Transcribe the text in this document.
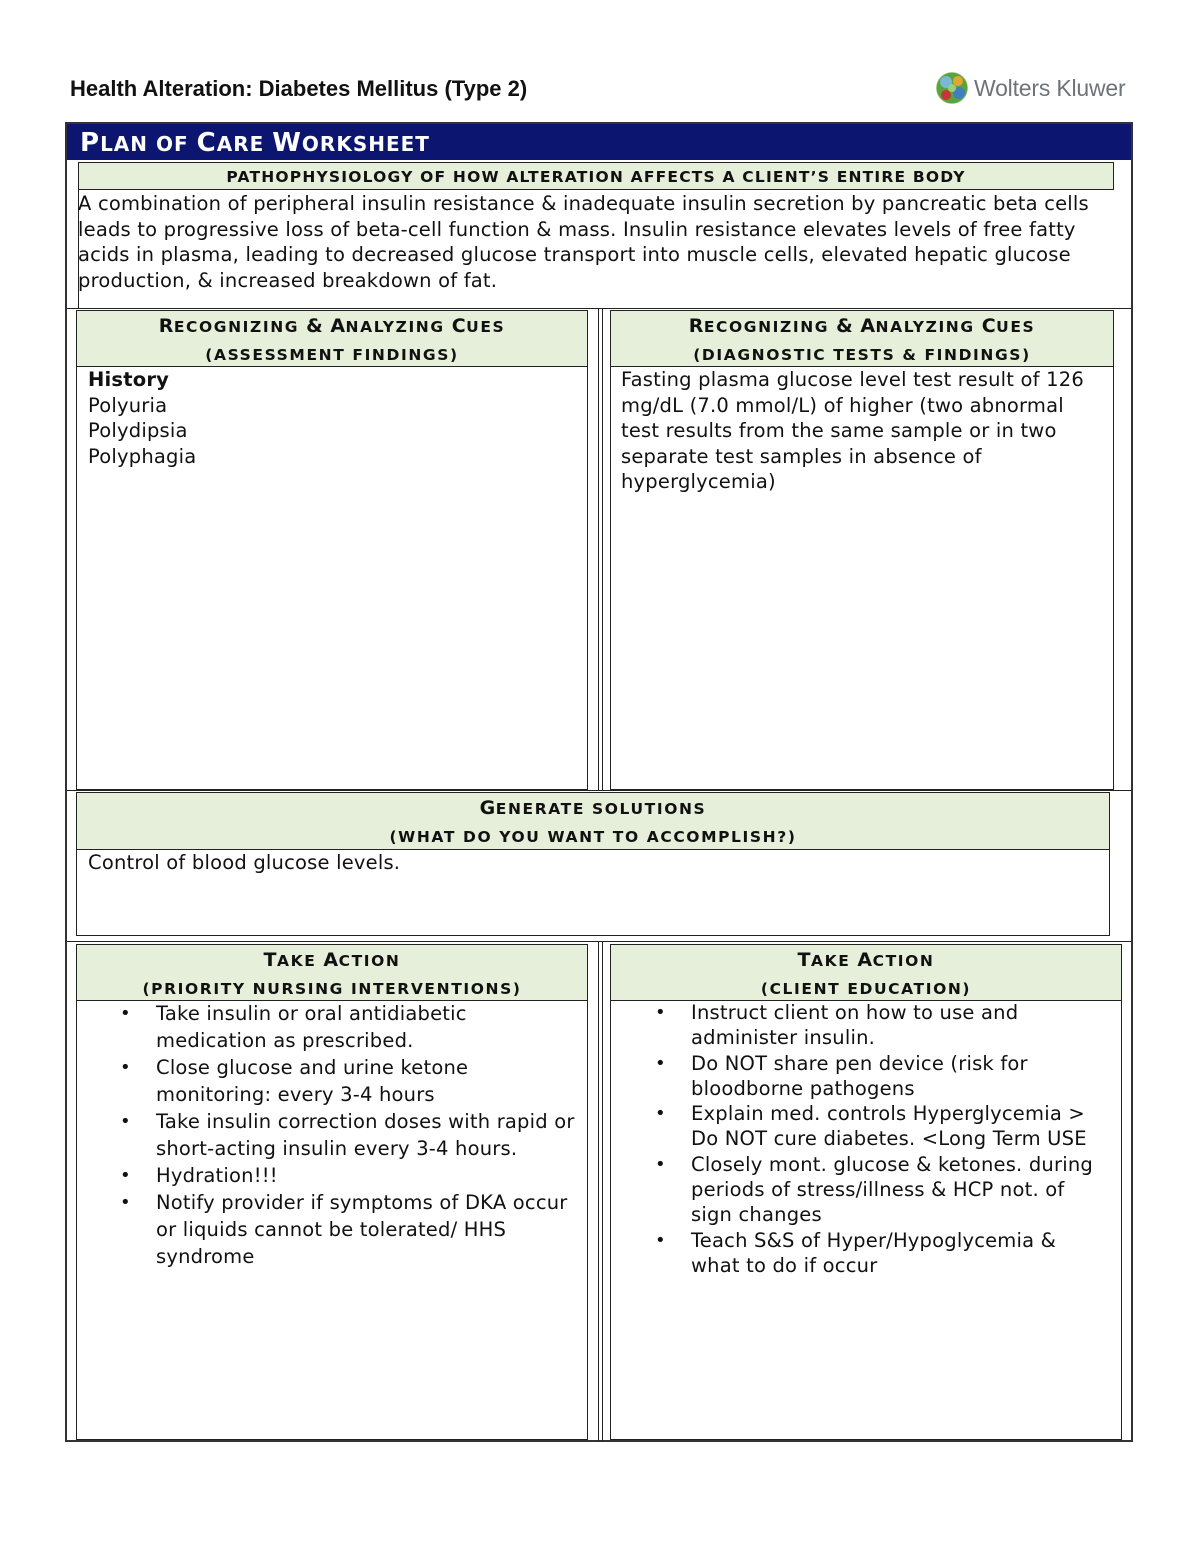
Health Alteration: Diabetes Mellitus (Type 2)	Wolters Kluwer
PLAN OF CARE WORKSHEET
PATHOPHYSIOLOGY OF HOW ALTERATION AFFECTS A CLIENT’S ENTIRE BODY
A combination of peripheral insulin resistance & inadequate insulin secretion by pancreatic beta cells leads to progressive loss of beta-cell function & mass. Insulin resistance elevates levels of free fatty acids in plasma, leading to decreased glucose transport into muscle cells, elevated hepatic glucose production, & increased breakdown of fat.
RECOGNIZING & ANALYZING CUES
(ASSESSMENT FINDINGS)
History
Polyuria
Polydipsia
Polyphagia
RECOGNIZING & ANALYZING CUES
(DIAGNOSTIC TESTS & FINDINGS)
Fasting plasma glucose level test result of 126 mg/dL (7.0 mmol/L) of higher (two abnormal test results from the same sample or in two separate test samples in absence of hyperglycemia)
GENERATE SOLUTIONS
(WHAT DO YOU WANT TO ACCOMPLISH?)
Control of blood glucose levels.
TAKE ACTION
(PRIORITY NURSING INTERVENTIONS)
• Take insulin or oral antidiabetic medication as prescribed.
• Close glucose and urine ketone monitoring: every 3-4 hours
• Take insulin correction doses with rapid or short-acting insulin every 3-4 hours.
• Hydration!!!
• Notify provider if symptoms of DKA occur or liquids cannot be tolerated/ HHS syndrome
TAKE ACTION
(CLIENT EDUCATION)
• Instruct client on how to use and administer insulin.
• Do NOT share pen device (risk for bloodborne pathogens
• Explain med. controls Hyperglycemia > Do NOT cure diabetes. <Long Term USE
• Closely mont. glucose & ketones. during periods of stress/illness & HCP not. of sign changes
• Teach S&S of Hyper/Hypoglycemia & what to do if occur
